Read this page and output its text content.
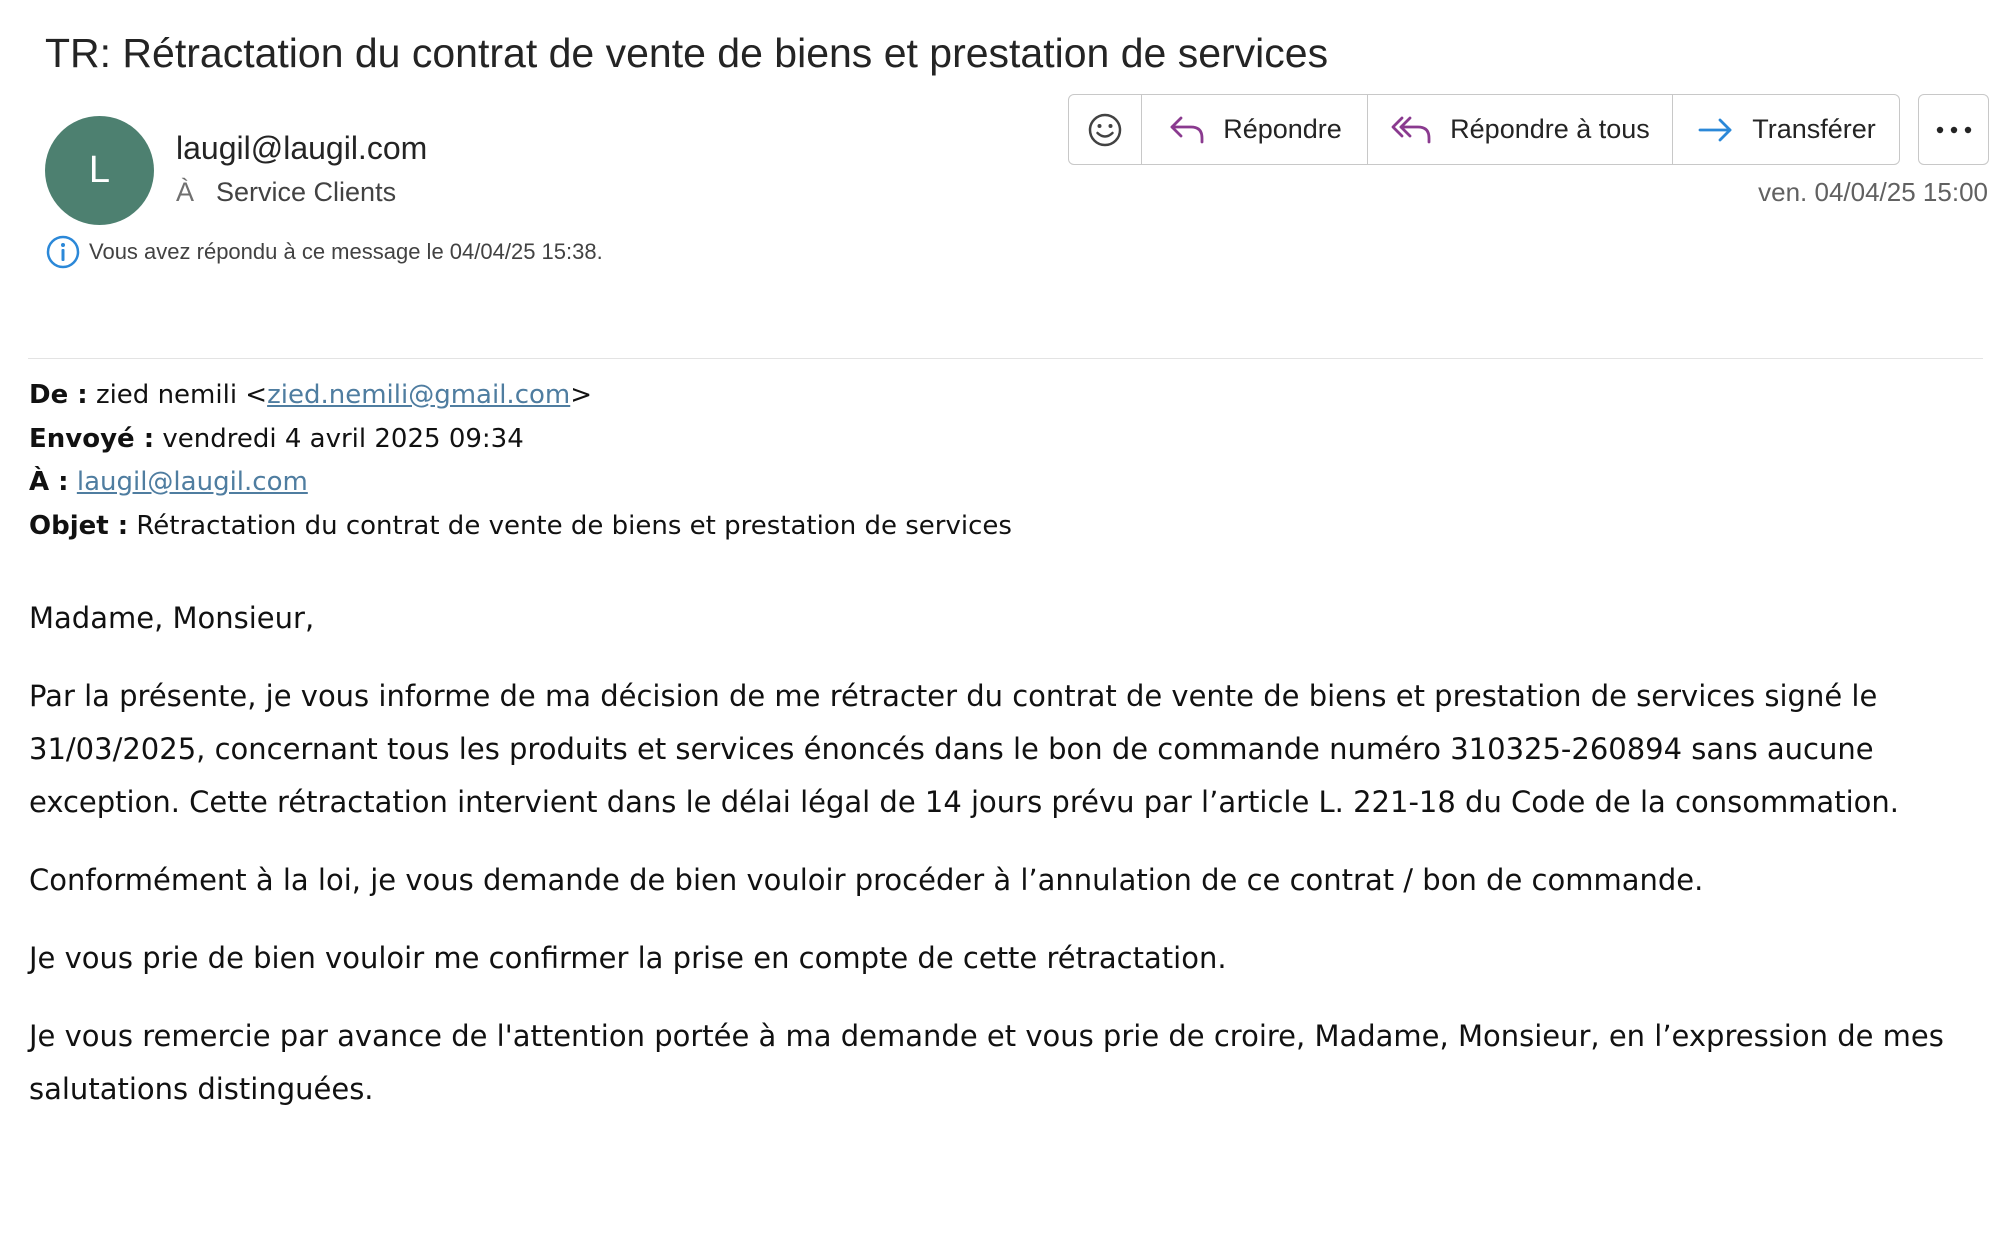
TR: Rétractation du contrat de vente de biens et prestation de services
L
laugil@laugil.com
À Service Clients
Vous avez répondu à ce message le 04/04/25 15:38.
Répondre	Répondre à tous	Transférer
ven. 04/04/25 15:00
De : zied nemili <zied.nemili@gmail.com>
Envoyé : vendredi 4 avril 2025 09:34
À : laugil@laugil.com
Objet : Rétractation du contrat de vente de biens et prestation de services

Madame, Monsieur,

Par la présente, je vous informe de ma décision de me rétracter du contrat de vente de biens et prestation de services signé le 31/03/2025, concernant tous les produits et services énoncés dans le bon de commande numéro 310325-260894 sans aucune exception. Cette rétractation intervient dans le délai légal de 14 jours prévu par l’article L. 221-18 du Code de la consommation.

Conformément à la loi, je vous demande de bien vouloir procéder à l’annulation de ce contrat / bon de commande.

Je vous prie de bien vouloir me confirmer la prise en compte de cette rétractation.

Je vous remercie par avance de l'attention portée à ma demande et vous prie de croire, Madame, Monsieur, en l’expression de mes salutations distinguées.
